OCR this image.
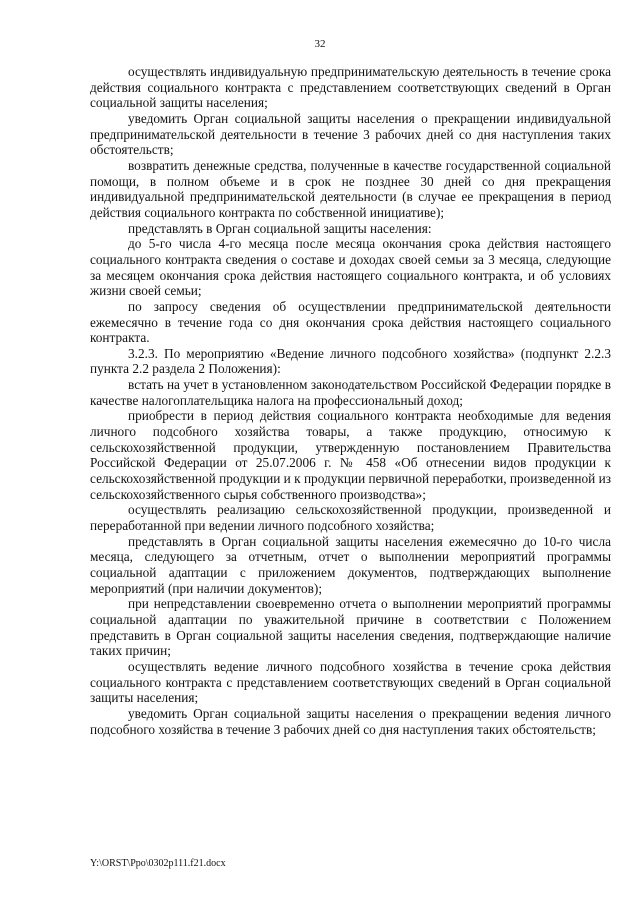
32

осуществлять индивидуальную предпринимательскую деятельность в течение срока действия социального контракта с представлением соответствующих сведений в Орган социальной защиты населения;

уведомить Орган социальной защиты населения о прекращении индивидуальной предпринимательской деятельности в течение 3 рабочих дней со дня наступления таких обстоятельств;

возвратить денежные средства, полученные в качестве государственной социальной помощи, в полном объеме и в срок не позднее 30 дней со дня прекращения индивидуальной предпринимательской деятельности (в случае ее прекращения в период действия социального контракта по собственной инициативе);

представлять в Орган социальной защиты населения:

до 5-го числа 4-го месяца после месяца окончания срока действия настоящего социального контракта сведения о составе и доходах своей семьи за 3 месяца, следующие за месяцем окончания срока действия настоящего социального контракта, и об условиях жизни своей семьи;

по запросу сведения об осуществлении предпринимательской деятельности ежемесячно в течение года со дня окончания срока действия настоящего социального контракта.

3.2.3. По мероприятию «Ведение личного подсобного хозяйства» (подпункт 2.2.3 пункта 2.2 раздела 2 Положения):

встать на учет в установленном законодательством Российской Федерации порядке в качестве налогоплательщика налога на профессиональный доход;

приобрести в период действия социального контракта необходимые для ведения личного подсобного хозяйства товары, а также продукцию, относимую к сельскохозяйственной продукции, утвержденную постановлением Правительства Российской Федерации от 25.07.2006 г. № 458 «Об отнесении видов продукции к сельскохозяйственной продукции и к продукции первичной переработки, произведенной из сельскохозяйственного сырья собственного производства»;

осуществлять реализацию сельскохозяйственной продукции, произведенной и переработанной при ведении личного подсобного хозяйства;

представлять в Орган социальной защиты населения ежемесячно до 10-го числа месяца, следующего за отчетным, отчет о выполнении мероприятий программы социальной адаптации с приложением документов, подтверждающих выполнение мероприятий (при наличии документов);

при непредставлении своевременно отчета о выполнении мероприятий программы социальной адаптации по уважительной причине в соответствии с Положением представить в Орган социальной защиты населения сведения, подтверждающие наличие таких причин;

осуществлять ведение личного подсобного хозяйства в течение срока действия социального контракта с представлением соответствующих сведений в Орган социальной защиты населения;

уведомить Орган социальной защиты населения о прекращении ведения личного подсобного хозяйства в течение 3 рабочих дней со дня наступления таких обстоятельств;

Y:\ORST\Ppo\0302p111.f21.docx
